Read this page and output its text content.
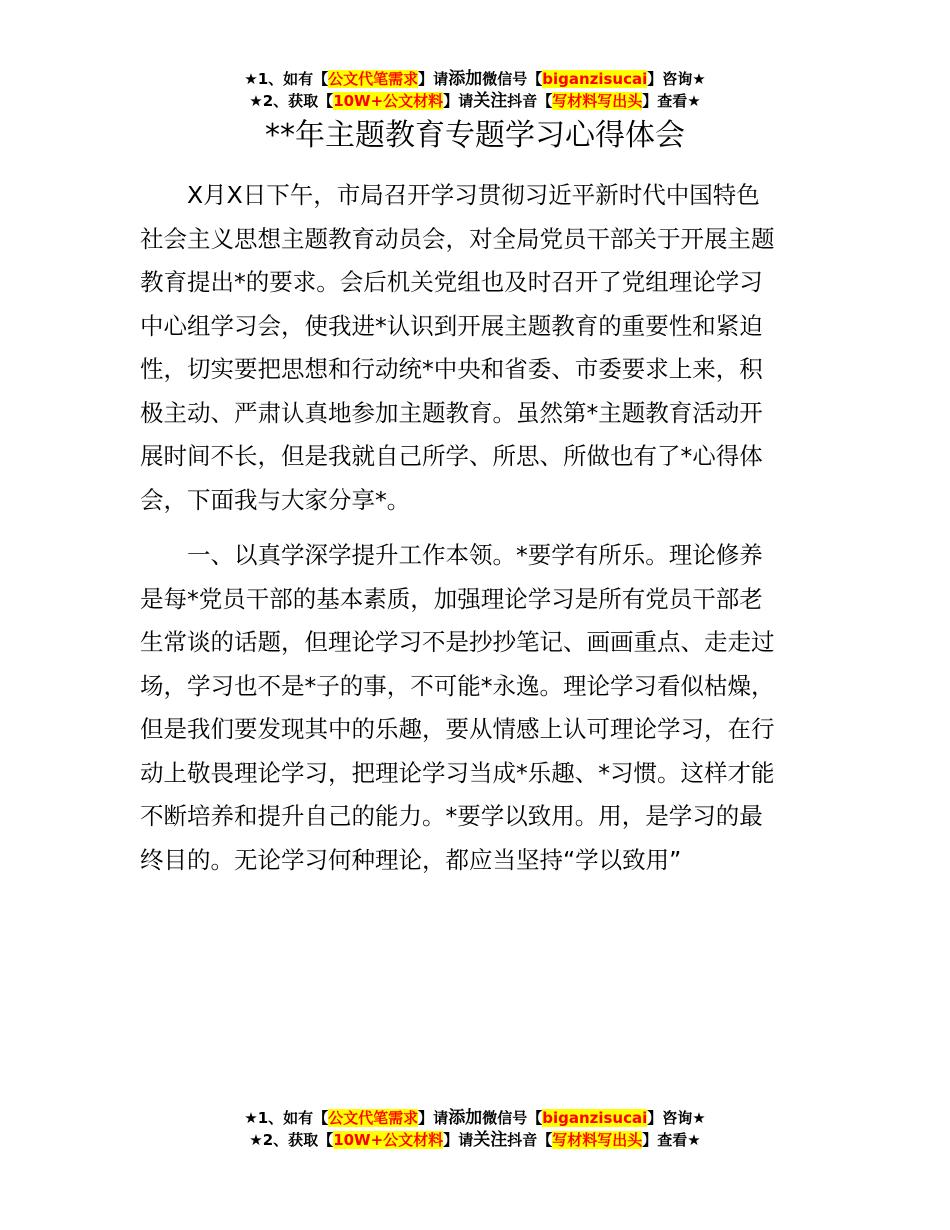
★1、如有【公文代笔需求】请添加微信号【biganzisucai】咨询★
★2、获取【10W+公文材料】请关注抖音【写材料写出头】查看★
**年主题教育专题学习心得体会
X月X日下午，市局召开学习贯彻习近平新时代中国特色
社会主义思想主题教育动员会，对全局党员干部关于开展主题
教育提出*的要求。会后机关党组也及时召开了党组理论学习
中心组学习会，使我进*认识到开展主题教育的重要性和紧迫
性，切实要把思想和行动统*中央和省委、市委要求上来，积
极主动、严肃认真地参加主题教育。虽然第*主题教育活动开
展时间不长，但是我就自己所学、所思、所做也有了*心得体
会，下面我与大家分享*。
一、以真学深学提升工作本领。*要学有所乐。理论修养
是每*党员干部的基本素质，加强理论学习是所有党员干部老
生常谈的话题，但理论学习不是抄抄笔记、画画重点、走走过
场，学习也不是*子的事，不可能*永逸。理论学习看似枯燥，
但是我们要发现其中的乐趣，要从情感上认可理论学习，在行
动上敬畏理论学习，把理论学习当成*乐趣、*习惯。这样才能
不断培养和提升自己的能力。*要学以致用。用，是学习的最
终目的。无论学习何种理论，都应当坚持“学以致用”
★1、如有【公文代笔需求】请添加微信号【biganzisucai】咨询★
★2、获取【10W+公文材料】请关注抖音【写材料写出头】查看★
